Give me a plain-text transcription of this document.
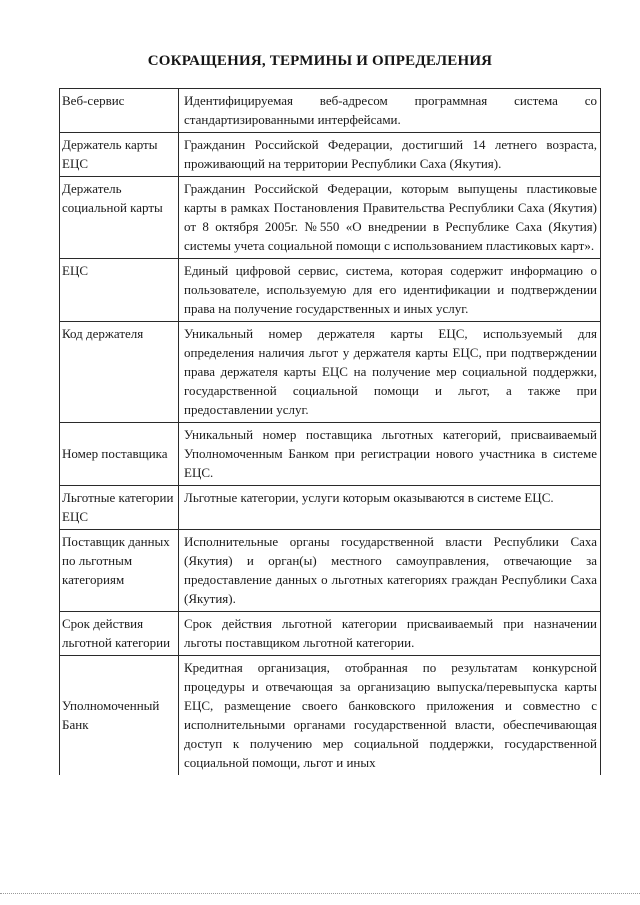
СОКРАЩЕНИЯ, ТЕРМИНЫ И ОПРЕДЕЛЕНИЯ
Веб-сервис	Идентифицируемая веб-адресом программная система со стандартизированными интерфейсами.
Держатель карты ЕЦС	Гражданин Российской Федерации, достигший 14 летнего возраста, проживающий на территории Республики Саха (Якутия).
Держатель социальной карты	Гражданин Российской Федерации, которым выпущены пластиковые карты в рамках Постановления Правительства Республики Саха (Якутия) от 8 октября 2005г. №550 «О внедрении в Республике Саха (Якутия) системы учета социальной помощи с использованием пластиковых карт».
ЕЦС	Единый цифровой сервис, система, которая содержит информацию о пользователе, используемую для его идентификации и подтверждении права на получение государственных и иных услуг.
Код держателя	Уникальный номер держателя карты ЕЦС, используемый для определения наличия льгот у держателя карты ЕЦС, при подтверждении права держателя карты ЕЦС на получение мер социальной поддержки, государственной социальной помощи и льгот, а также при предоставлении услуг.
Номер поставщика	Уникальный номер поставщика льготных категорий, присваиваемый Уполномоченным Банком при регистрации нового участника в системе ЕЦС.
Льготные категории ЕЦС	Льготные категории, услуги которым оказываются в системе ЕЦС.
Поставщик данных по льготным категориям	Исполнительные органы государственной власти Республики Саха (Якутия) и орган(ы) местного самоуправления, отвечающие за предоставление данных о льготных категориях граждан Республики Саха (Якутия).
Срок действия льготной категории	Срок действия льготной категории присваиваемый при назначении льготы поставщиком льготной категории.
Уполномоченный Банк	Кредитная организация, отобранная по результатам конкурсной процедуры и отвечающая за организацию выпуска/перевыпуска карты ЕЦС, размещение своего банковского приложения и совместно с исполнительными органами государственной власти, обеспечивающая доступ к получению мер социальной поддержки, государственной социальной помощи, льгот и иных
